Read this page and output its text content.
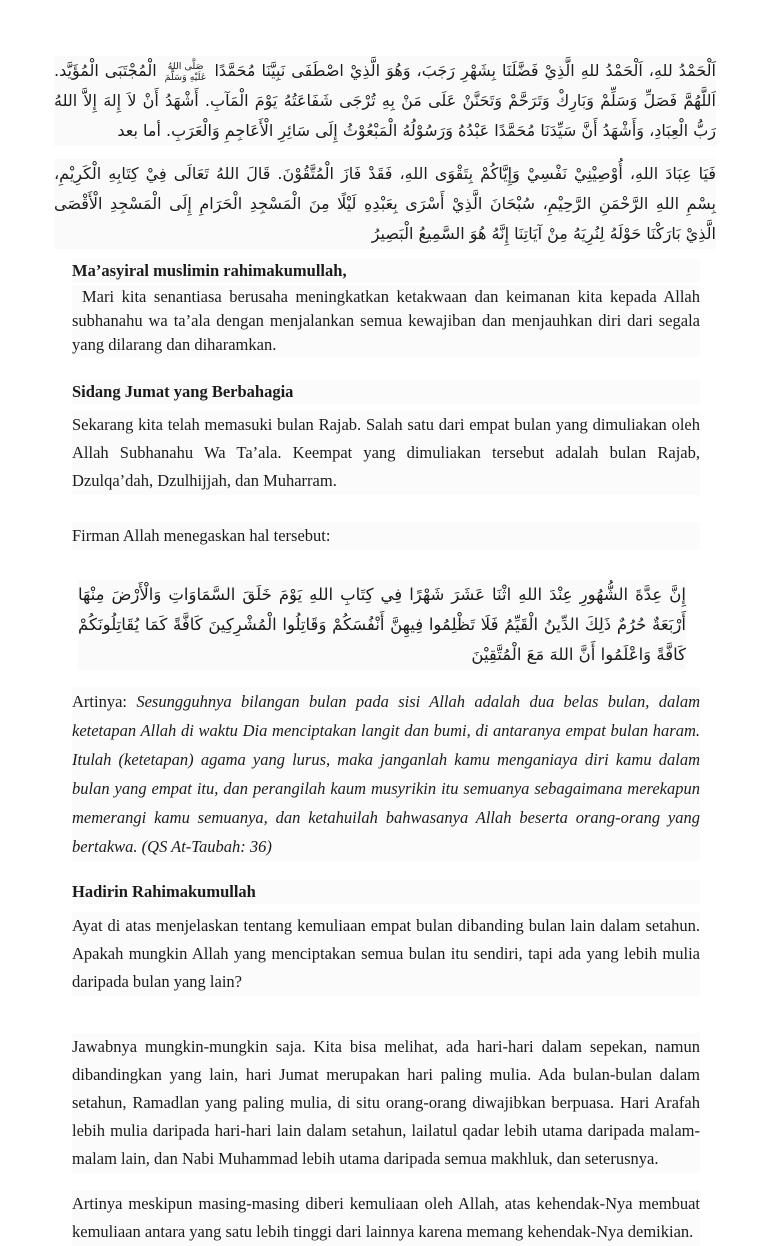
اَلْحَمْدُ للهِ، اَلْحَمْدُ للهِ الَّذِيْ فَضَّلَنَا بِشَهْرِ رَجَبَ، وَهُوَ الَّذِيْ اصْطَفَى نَبِيَّنَا مُحَمَّدًا
صَلَّى اللهُ
عَلَيْهِ وَسَلَّمَ
الْمُجْتَبَى الْمُؤَيَّد. اَللَّهُمَّ فَصَلِّ وَسَلِّمْ وَبَارِكْ وَتَرَحَّمْ وَتَحَنَّنْ عَلَى مَنْ بِهِ تُرْجَى شَفَاعَتُهُ يَوْمَ الْمَآبِ. أَشْهَدُ أَنْ لاَ إِلهَ إِلاَّ اللهُ رَبُّ الْعِبَادِ، وَأَشْهَدُ أَنَّ سَيِّدَنَا مُحَمَّدًا عَبْدُهُ وَرَسُوْلُهُ الْمَبْعُوْثُ إِلَى سَائِرِ الْأَعَاجِمِ وَالْعَرَبِ. أما بعد

فَيَا عِبَادَ اللهِ، أُوْصِيْنِيْ نَفْسِيْ وَإِيَّاكُمْ بِتَقْوَى اللهِ، فَقَدْ فَازَ الْمُتَّقُوْنَ. قَالَ اللهُ تَعَالَى فِيْ كِتَابِهِ الْكَرِيْمِ، بِسْمِ اللهِ الرَّحْمَنِ الرَّحِيْمِ، سُبْحَانَ الَّذِيْ أَسْرَى بِعَبْدِهِ لَيْلًا مِنَ الْمَسْجِدِ الْحَرَامِ إِلَى الْمَسْجِدِ الْأَقْصَى الَّذِيْ بَارَكْنَا حَوْلَهُ لِنُرِيَهُ مِنْ آيَاتِنَا إِنَّهُ هُوَ السَّمِيعُ الْبَصِيرُ

Ma’asyiral muslimin rahimakumullah,

Mari kita senantiasa berusaha meningkatkan ketakwaan dan keimanan kita kepada Allah subhanahu wa ta’ala dengan menjalankan semua kewajiban dan menjauhkan diri dari segala yang dilarang dan diharamkan.

Sidang Jumat yang Berbahagia

Sekarang kita telah memasuki bulan Rajab. Salah satu dari empat bulan yang dimuliakan oleh Allah Subhanahu Wa Ta’ala. Keempat yang dimuliakan tersebut adalah bulan Rajab, Dzulqa’dah, Dzulhijjah, dan Muharram.

Firman Allah menegaskan hal tersebut:

إِنَّ عِدَّةَ الشُّهُورِ عِنْدَ اللهِ اثْنَا عَشَرَ شَهْرًا فِي كِتَابِ اللهِ يَوْمَ خَلَقَ السَّمَاوَاتِ وَالْأَرْضَ مِنْهَا أَرْبَعَةٌ حُرُمٌ ذَلِكَ الدِّينُ الْقَيِّمُ فَلَا تَظْلِمُوا فِيهِنَّ أَنْفُسَكُمْ وَقَاتِلُوا الْمُشْرِكِينَ كَافَّةً كَمَا يُقَاتِلُونَكُمْ كَافَّةً وَاعْلَمُوا أَنَّ اللهَ مَعَ الْمُتَّقِيْنَ

Artinya: Sesungguhnya bilangan bulan pada sisi Allah adalah dua belas bulan, dalam ketetapan Allah di waktu Dia menciptakan langit dan bumi, di antaranya empat bulan haram. Itulah (ketetapan) agama yang lurus, maka janganlah kamu menganiaya diri kamu dalam bulan yang empat itu, dan perangilah kaum musyrikin itu semuanya sebagaimana merekapun memerangi kamu semuanya, dan ketahuilah bahwasanya Allah beserta orang-orang yang bertakwa. (QS At-Taubah: 36)

Hadirin Rahimakumullah

Ayat di atas menjelaskan tentang kemuliaan empat bulan dibanding bulan lain dalam setahun. Apakah mungkin Allah yang menciptakan semua bulan itu sendiri, tapi ada yang lebih mulia daripada bulan yang lain?

Jawabnya mungkin-mungkin saja. Kita bisa melihat, ada hari-hari dalam sepekan, namun dibandingkan yang lain, hari Jumat merupakan hari paling mulia. Ada bulan-bulan dalam setahun, Ramadlan yang paling mulia, di situ orang-orang diwajibkan berpuasa. Hari Arafah lebih mulia daripada hari-hari lain dalam setahun, lailatul qadar lebih utama daripada malam-malam lain, dan Nabi Muhammad lebih utama daripada semua makhluk, dan seterusnya.

Artinya meskipun masing-masing diberi kemuliaan oleh Allah, atas kehendak-Nya membuat kemuliaan antara yang satu lebih tinggi dari lainnya karena memang kehendak-Nya demikian.
